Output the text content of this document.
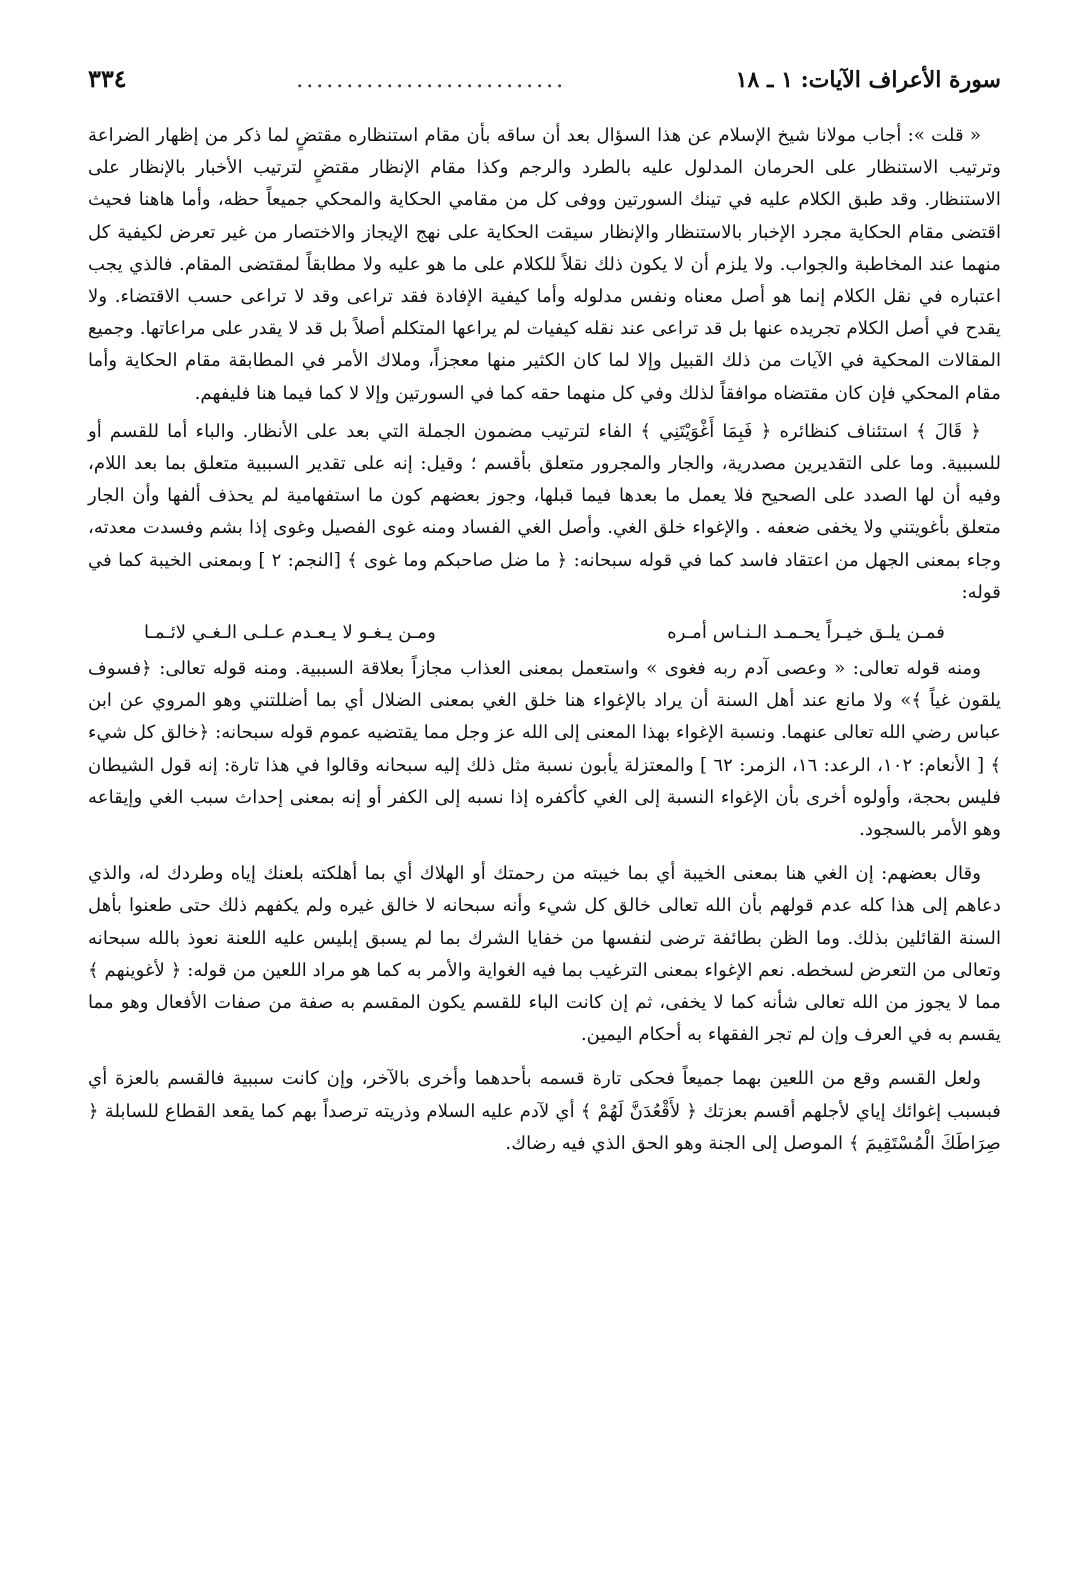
سورة الأعراف الآيات: ١ ـ ١٨
...........................
٣٣٤

« قلت »: أجاب مولانا شيخ الإسلام عن هذا السؤال بعد أن ساقه بأن مقام استنظاره مقتضٍ لما ذكر من إظهار الضراعة وترتيب الاستنظار على الحرمان المدلول عليه بالطرد والرجم وكذا مقام الإنظار مقتضٍ لترتيب الأخبار بالإنظار على الاستنظار. وقد طبق الكلام عليه في تينك السورتين ووفى كل من مقامي الحكاية والمحكي جميعاً حظه، وأما هاهنا فحيث اقتضى مقام الحكاية مجرد الإخبار بالاستنظار والإنظار سيقت الحكاية على نهج الإيجاز والاختصار من غير تعرض لكيفية كل منهما عند المخاطبة والجواب. ولا يلزم أن لا يكون ذلك نقلاً للكلام على ما هو عليه ولا مطابقاً لمقتضى المقام. فالذي يجب اعتباره في نقل الكلام إنما هو أصل معناه ونفس مدلوله وأما كيفية الإفادة فقد تراعى وقد لا تراعى حسب الاقتضاء. ولا يقدح في أصل الكلام تجريده عنها بل قد تراعى عند نقله كيفيات لم يراعها المتكلم أصلاً بل قد لا يقدر على مراعاتها. وجميع المقالات المحكية في الآيات من ذلك القبيل وإلا لما كان الكثير منها معجزاً، وملاك الأمر في المطابقة مقام الحكاية وأما مقام المحكي فإن كان مقتضاه موافقاً لذلك وفي كل منهما حقه كما في السورتين وإلا لا كما فيما هنا فليفهم.

﴿ قَالَ ﴾ استئناف كنظائره ﴿ فَبِمَا أَغْوَيْتَنِي ﴾ الفاء لترتيب مضمون الجملة التي بعد على الأنظار. والباء أما للقسم أو للسببية. وما على التقديرين مصدرية، والجار والمجرور متعلق بأقسم ؛ وقيل: إنه على تقدير السببية متعلق بما بعد اللام، وفيه أن لها الصدد على الصحيح فلا يعمل ما بعدها فيما قبلها، وجوز بعضهم كون ما استفهامية لم يحذف ألفها وأن الجار متعلق بأغويتني ولا يخفى ضعفه . والإغواء خلق الغي. وأصل الغي الفساد ومنه غوى الفصيل وغوى إذا بشم وفسدت معدته، وجاء بمعنى الجهل من اعتقاد فاسد كما في قوله سبحانه: ﴿ ما ضل صاحبكم وما غوى ﴾ [النجم: ٢ ] وبمعنى الخيبة كما في قوله:

فمـن يلـق خيـراً يحـمـد الـنـاس أمـره
ومـن يـغـو لا يـعـدم عـلـى الـغـي لائـمـا

ومنه قوله تعالى: « وعصى آدم ربه فغوى » واستعمل بمعنى العذاب مجازاً بعلاقة السببية. ومنه قوله تعالى: ﴿فسوف يلقون غياً ﴾» ولا مانع عند أهل السنة أن يراد بالإغواء هنا خلق الغي بمعنى الضلال أي بما أضللتني وهو المروي عن ابن عباس رضي الله تعالى عنهما. ونسبة الإغواء بهذا المعنى إلى الله عز وجل مما يقتضيه عموم قوله سبحانه: ﴿خالق كل شيء ﴾ [ الأنعام: ١٠٢، الرعد: ١٦، الزمر: ٦٢ ] والمعتزلة يأبون نسبة مثل ذلك إليه سبحانه وقالوا في هذا تارة: إنه قول الشيطان فليس بحجة، وأولوه أخرى بأن الإغواء النسبة إلى الغي كأكفره إذا نسبه إلى الكفر أو إنه بمعنى إحداث سبب الغي وإيقاعه وهو الأمر بالسجود.

وقال بعضهم: إن الغي هنا بمعنى الخيبة أي بما خيبته من رحمتك أو الهلاك أي بما أهلكته بلعنك إياه وطردك له، والذي دعاهم إلى هذا كله عدم قولهم بأن الله تعالى خالق كل شيء وأنه سبحانه لا خالق غيره ولم يكفهم ذلك حتى طعنوا بأهل السنة القائلين بذلك. وما الظن بطائفة ترضى لنفسها من خفايا الشرك بما لم يسبق إبليس عليه اللعنة نعوذ بالله سبحانه وتعالى من التعرض لسخطه. نعم الإغواء بمعنى الترغيب بما فيه الغواية والأمر به كما هو مراد اللعين من قوله: ﴿ لأغوينهم ﴾ مما لا يجوز من الله تعالى شأنه كما لا يخفى، ثم إن كانت الباء للقسم يكون المقسم به صفة من صفات الأفعال وهو مما يقسم به في العرف وإن لم تجر الفقهاء به أحكام اليمين.

ولعل القسم وقع من اللعين بهما جميعاً فحكى تارة قسمه بأحدهما وأخرى بالآخر، وإن كانت سببية فالقسم بالعزة أي فبسبب إغوائك إياي لأجلهم أقسم بعزتك ﴿ لأَقْعُدَنَّ لَهُمْ ﴾ أي لآدم عليه السلام وذريته ترصداً بهم كما يقعد القطاع للسابلة ﴿ صِرَاطَكَ الْمُسْتَقِيمَ ﴾ الموصل إلى الجنة وهو الحق الذي فيه رضاك.
